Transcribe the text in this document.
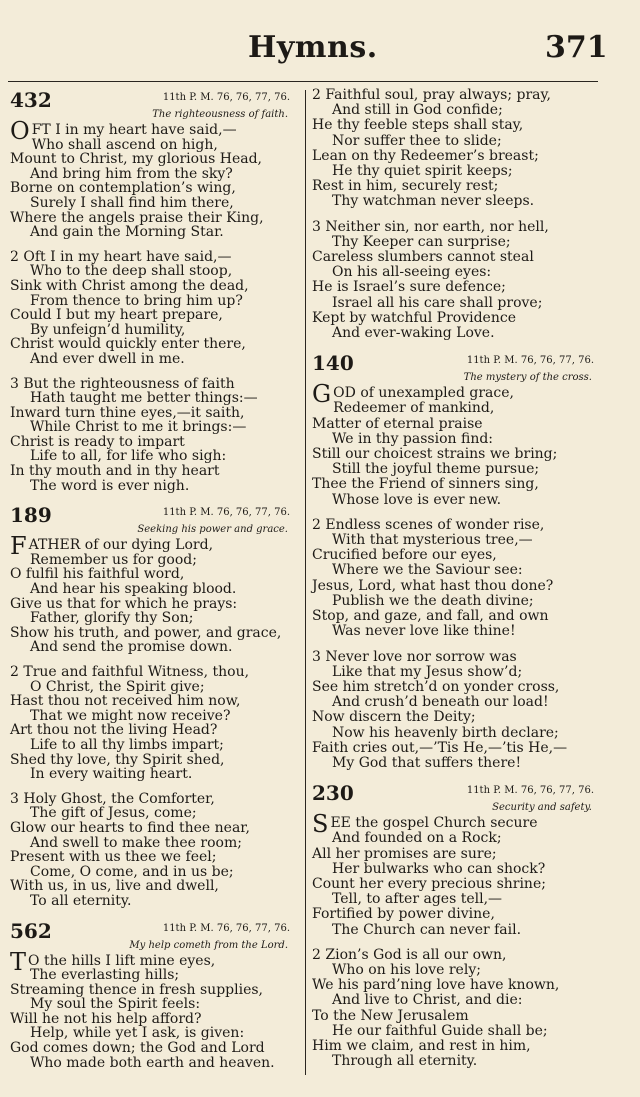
Hymns.	371
432	11th P. M. 76, 76, 77, 76.
The righteousness of faith.
OFT I in my heart have said,—
Who shall ascend on high,
Mount to Christ, my glorious Head,
And bring him from the sky?
Borne on contemplation’s wing,
Surely I shall find him there,
Where the angels praise their King,
And gain the Morning Star.
2 Oft I in my heart have said,—
Who to the deep shall stoop,
Sink with Christ among the dead,
From thence to bring him up?
Could I but my heart prepare,
By unfeign’d humility,
Christ would quickly enter there,
And ever dwell in me.
3 But the righteousness of faith
Hath taught me better things:—
Inward turn thine eyes,—it saith,
While Christ to me it brings:—
Christ is ready to impart
Life to all, for life who sigh:
In thy mouth and in thy heart
The word is ever nigh.
189	11th P. M. 76, 76, 77, 76.
Seeking his power and grace.
FATHER of our dying Lord,
Remember us for good;
O fulfil his faithful word,
And hear his speaking blood.
Give us that for which he prays:
Father, glorify thy Son;
Show his truth, and power, and grace,
And send the promise down.
2 True and faithful Witness, thou,
O Christ, the Spirit give;
Hast thou not received him now,
That we might now receive?
Art thou not the living Head?
Life to all thy limbs impart;
Shed thy love, thy Spirit shed,
In every waiting heart.
3 Holy Ghost, the Comforter,
The gift of Jesus, come;
Glow our hearts to find thee near,
And swell to make thee room;
Present with us thee we feel;
Come, O come, and in us be;
With us, in us, live and dwell,
To all eternity.
562	11th P. M. 76, 76, 77, 76.
My help cometh from the Lord.
T O the hills I lift mine eyes,
The everlasting hills;
Streaming thence in fresh supplies,
My soul the Spirit feels:
Will he not his help afford?
Help, while yet I ask, is given:
God comes down; the God and Lord
Who made both earth and heaven.
2 Faithful soul, pray always; pray,
And still in God confide;
He thy feeble steps shall stay,
Nor suffer thee to slide;
Lean on thy Redeemer’s breast;
He thy quiet spirit keeps;
Rest in him, securely rest;
Thy watchman never sleeps.
3 Neither sin, nor earth, nor hell,
Thy Keeper can surprise;
Careless slumbers cannot steal
On his all-seeing eyes:
He is Israel’s sure defence;
Israel all his care shall prove;
Kept by watchful Providence
And ever-waking Love.
140	11th P. M. 76, 76, 77, 76.
The mystery of the cross.
GOD of unexampled grace,
Redeemer of mankind,
Matter of eternal praise
We in thy passion find:
Still our choicest strains we bring;
Still the joyful theme pursue;
Thee the Friend of sinners sing,
Whose love is ever new.
2 Endless scenes of wonder rise,
With that mysterious tree,—
Crucified before our eyes,
Where we the Saviour see:
Jesus, Lord, what hast thou done?
Publish we the death divine;
Stop, and gaze, and fall, and own
Was never love like thine!
3 Never love nor sorrow was
Like that my Jesus show’d;
See him stretch’d on yonder cross,
And crush’d beneath our load!
Now discern the Deity;
Now his heavenly birth declare;
Faith cries out,—’Tis He,—’tis He,—
My God that suffers there!
230	11th P. M. 76, 76, 77, 76.
Security and safety.
SEE the gospel Church secure
And founded on a Rock;
All her promises are sure;
Her bulwarks who can shock?
Count her every precious shrine;
Tell, to after ages tell,—
Fortified by power divine,
The Church can never fail.
2 Zion’s God is all our own,
Who on his love rely;
We his pard’ning love have known,
And live to Christ, and die:
To the New Jerusalem
He our faithful Guide shall be;
Him we claim, and rest in him,
Through all eternity.
